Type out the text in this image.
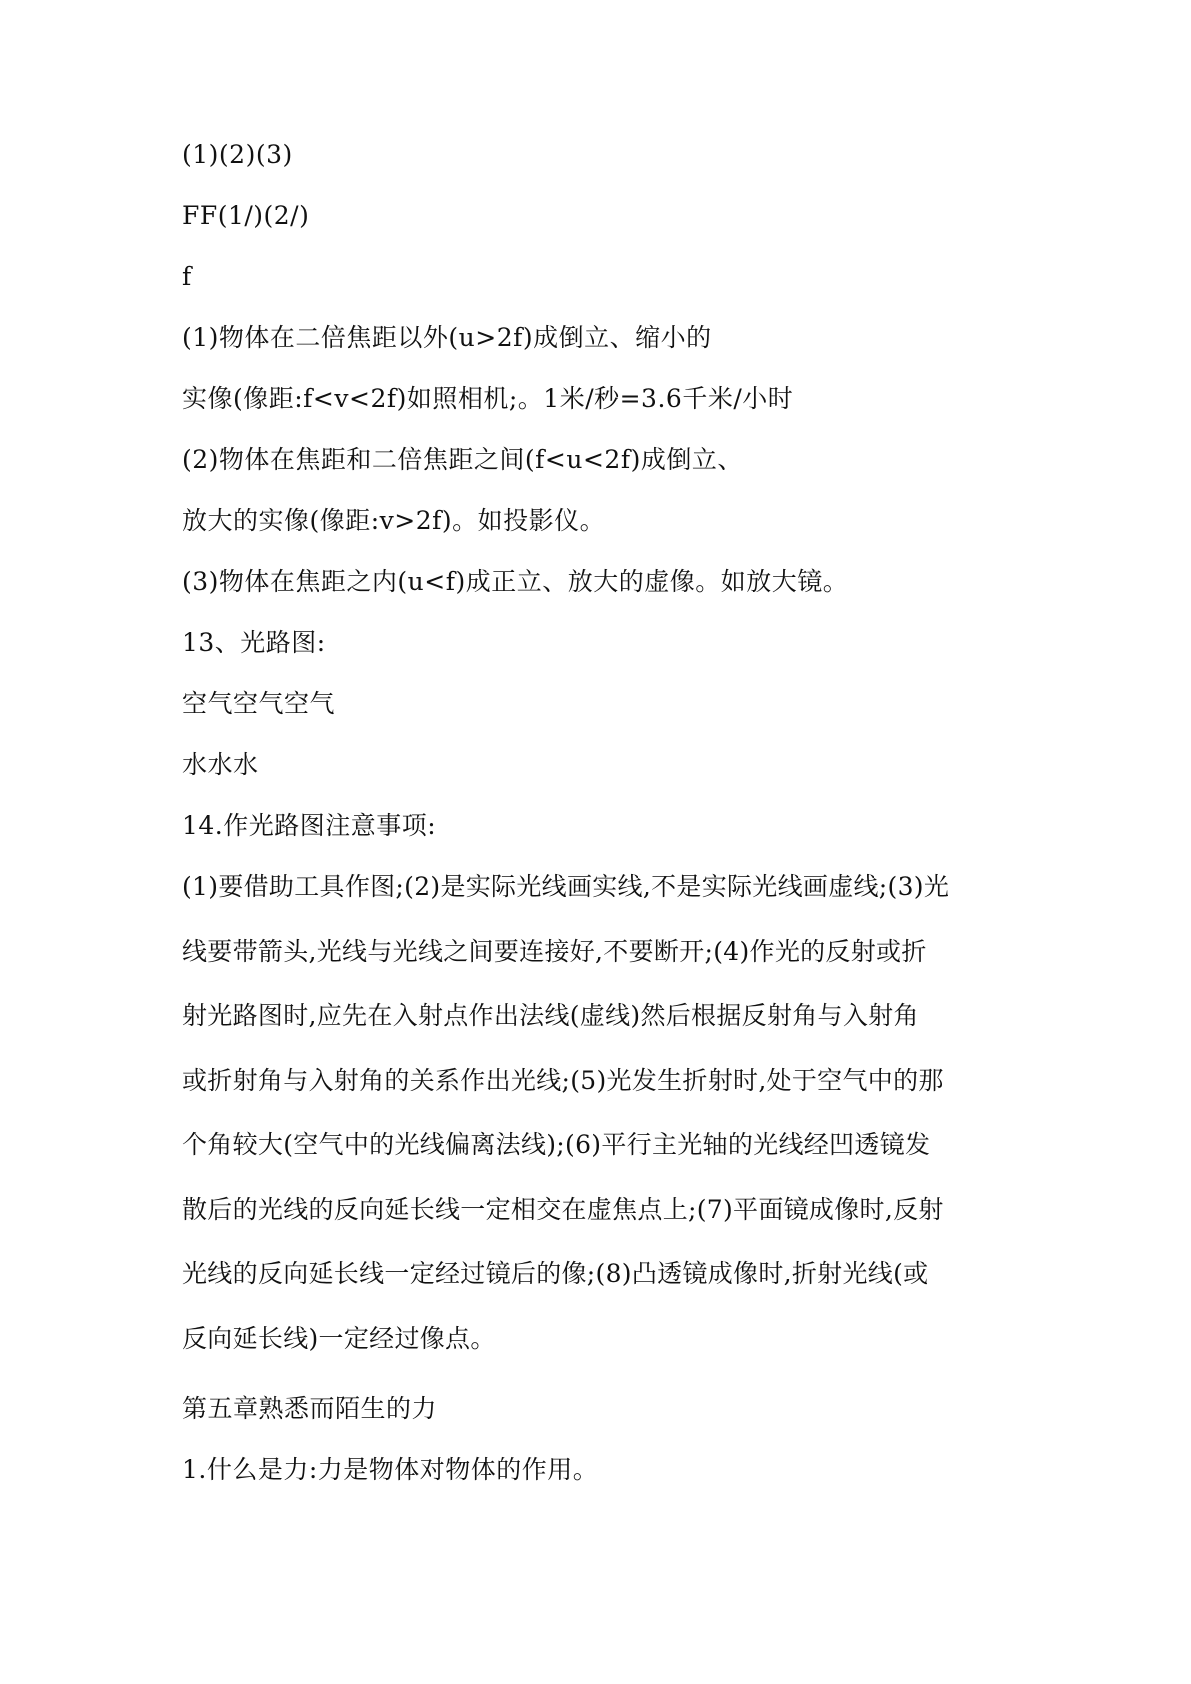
(1)(2)(3)
FF(1/)(2/)
f
(1)物体在二倍焦距以外(u>2f)成倒立、缩小的
实像(像距:f<v<2f)如照相机;。1米/秒=3.6千米/小时
(2)物体在焦距和二倍焦距之间(f<u<2f)成倒立、
放大的实像(像距:v>2f)。如投影仪。
(3)物体在焦距之内(u<f)成正立、放大的虚像。如放大镜。
13、光路图:
空气空气空气
水水水
14.作光路图注意事项:
(1)要借助工具作图;(2)是实际光线画实线,不是实际光线画虚线;(3)光
线要带箭头,光线与光线之间要连接好,不要断开;(4)作光的反射或折
射光路图时,应先在入射点作出法线(虚线)然后根据反射角与入射角
或折射角与入射角的关系作出光线;(5)光发生折射时,处于空气中的那
个角较大(空气中的光线偏离法线);(6)平行主光轴的光线经凹透镜发
散后的光线的反向延长线一定相交在虚焦点上;(7)平面镜成像时,反射
光线的反向延长线一定经过镜后的像;(8)凸透镜成像时,折射光线(或
反向延长线)一定经过像点。
第五章熟悉而陌生的力
1.什么是力:力是物体对物体的作用。
